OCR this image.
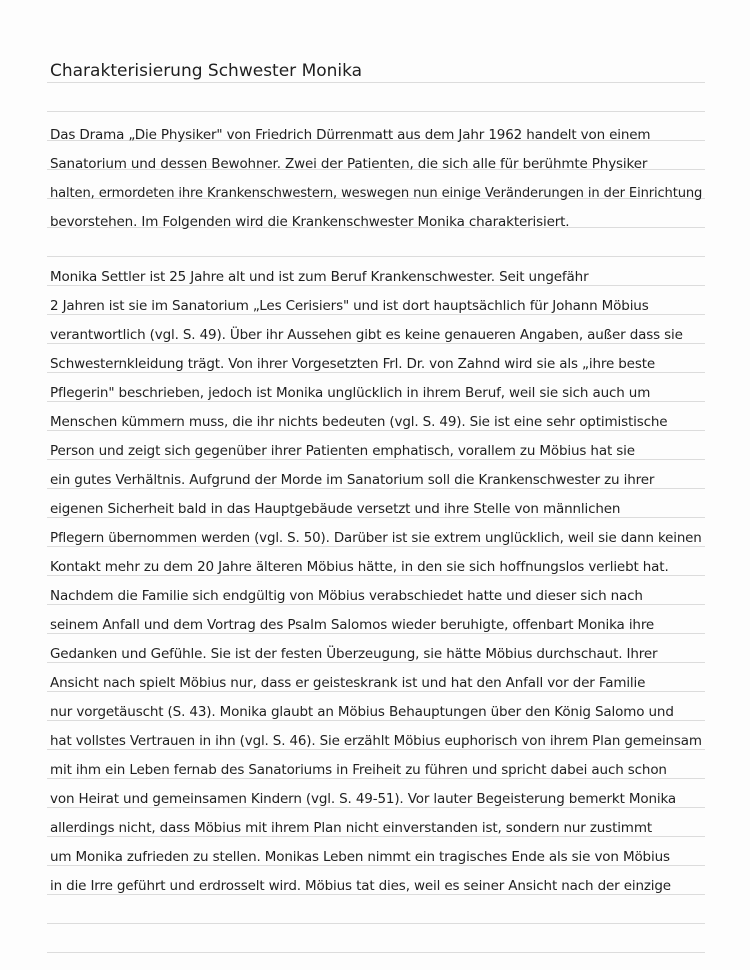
Charakterisierung Schwester Monika
Das Drama „Die Physiker" von Friedrich Dürrenmatt aus dem Jahr 1962 handelt von einem
Sanatorium und dessen Bewohner. Zwei der Patienten, die sich alle für berühmte Physiker
halten, ermordeten ihre Krankenschwestern, weswegen nun einige Veränderungen in der Einrichtung
bevorstehen. Im Folgenden wird die Krankenschwester Monika charakterisiert.
Monika Settler ist 25 Jahre alt und ist zum Beruf Krankenschwester. Seit ungefähr
2 Jahren ist sie im Sanatorium „Les Cerisiers" und ist dort hauptsächlich für Johann Möbius
verantwortlich (vgl. S. 49). Über ihr Aussehen gibt es keine genaueren Angaben, außer dass sie
Schwesternkleidung trägt. Von ihrer Vorgesetzten Frl. Dr. von Zahnd wird sie als „ihre beste
Pflegerin" beschrieben, jedoch ist Monika unglücklich in ihrem Beruf, weil sie sich auch um
Menschen kümmern muss, die ihr nichts bedeuten (vgl. S. 49). Sie ist eine sehr optimistische
Person und zeigt sich gegenüber ihrer Patienten emphatisch, vorallem zu Möbius hat sie
ein gutes Verhältnis. Aufgrund der Morde im Sanatorium soll die Krankenschwester zu ihrer
eigenen Sicherheit bald in das Hauptgebäude versetzt und ihre Stelle von männlichen
Pflegern übernommen werden (vgl. S. 50). Darüber ist sie extrem unglücklich, weil sie dann keinen
Kontakt mehr zu dem 20 Jahre älteren Möbius hätte, in den sie sich hoffnungslos verliebt hat.
Nachdem die Familie sich endgültig von Möbius verabschiedet hatte und dieser sich nach
seinem Anfall und dem Vortrag des Psalm Salomos wieder beruhigte, offenbart Monika ihre
Gedanken und Gefühle. Sie ist der festen Überzeugung, sie hätte Möbius durchschaut. Ihrer
Ansicht nach spielt Möbius nur, dass er geisteskrank ist und hat den Anfall vor der Familie
nur vorgetäuscht (S. 43). Monika glaubt an Möbius Behauptungen über den König Salomo und
hat vollstes Vertrauen in ihn (vgl. S. 46). Sie erzählt Möbius euphorisch von ihrem Plan gemeinsam
mit ihm ein Leben fernab des Sanatoriums in Freiheit zu führen und spricht dabei auch schon
von Heirat und gemeinsamen Kindern (vgl. S. 49-51). Vor lauter Begeisterung bemerkt Monika
allerdings nicht, dass Möbius mit ihrem Plan nicht einverstanden ist, sondern nur zustimmt
um Monika zufrieden zu stellen. Monikas Leben nimmt ein tragisches Ende als sie von Möbius
in die Irre geführt und erdrosselt wird. Möbius tat dies, weil es seiner Ansicht nach der einzige
